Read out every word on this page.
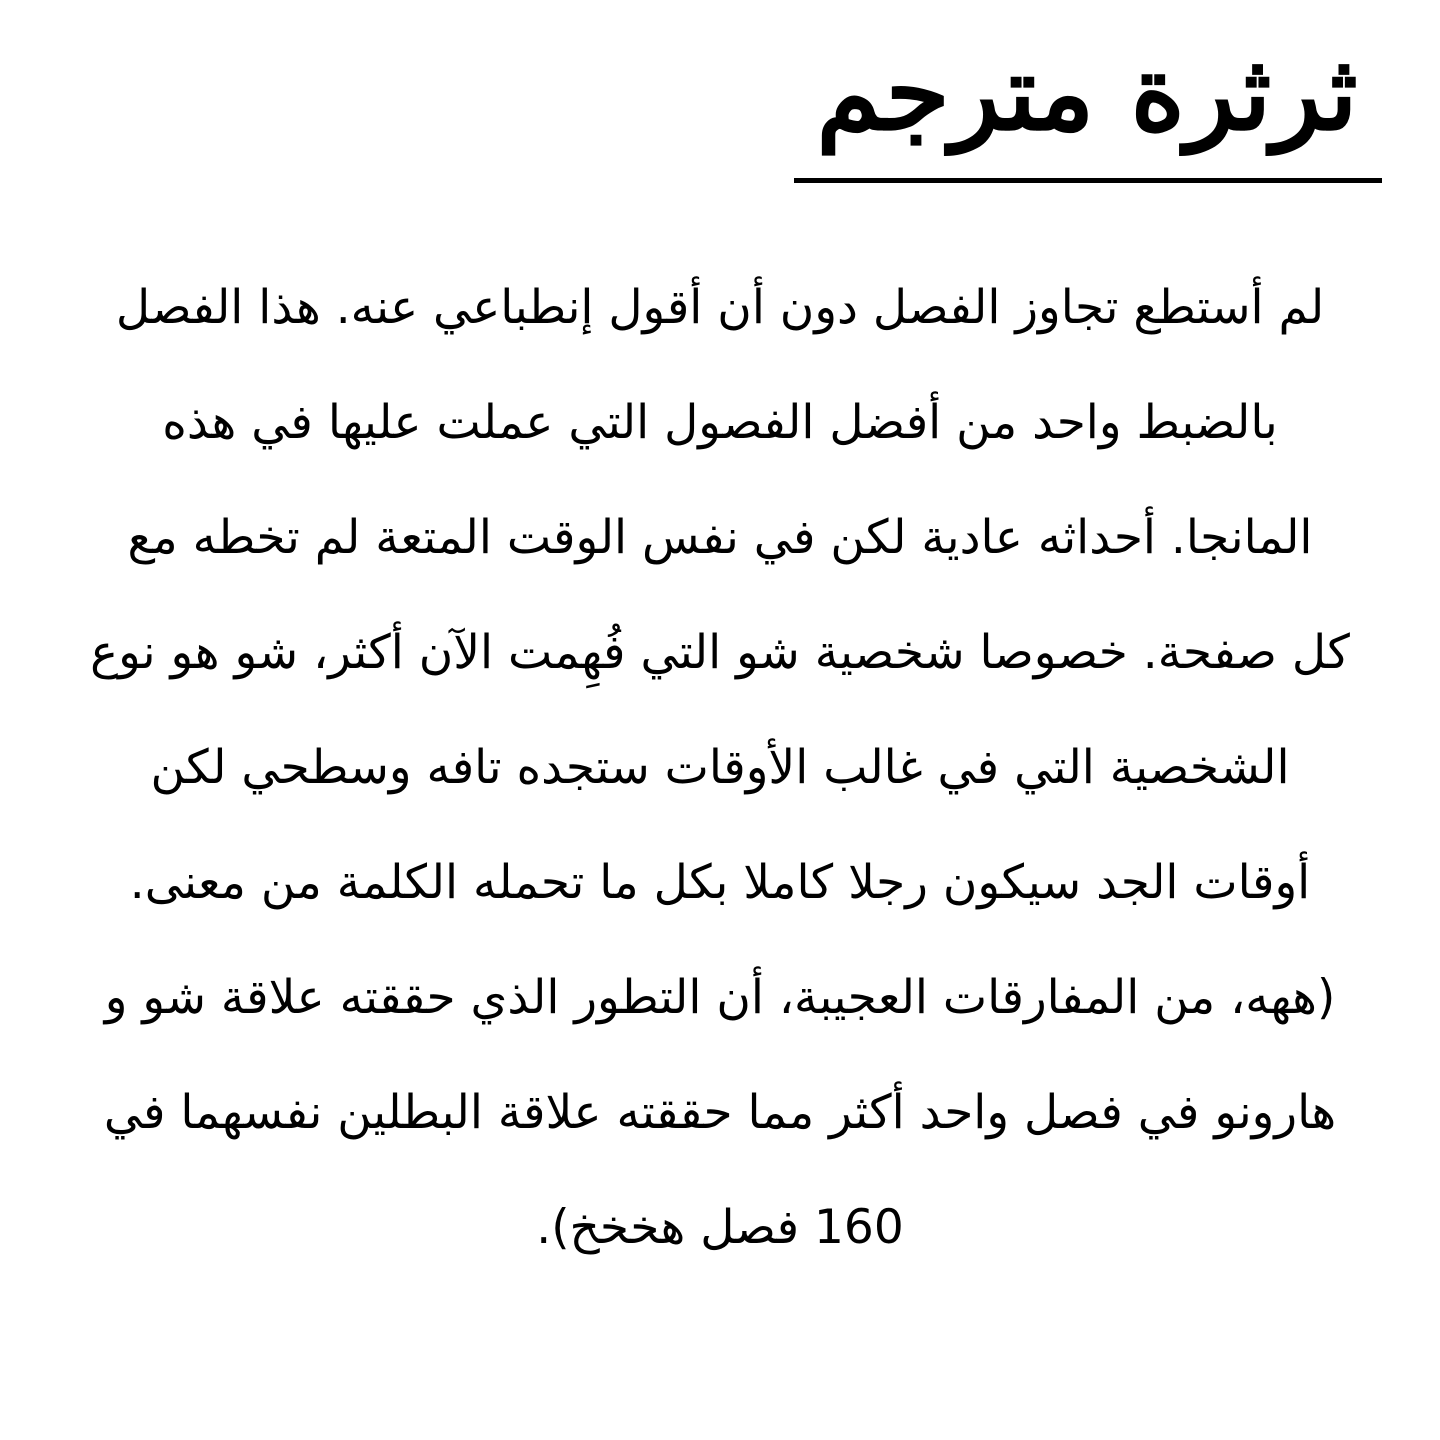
ثرثرة مترجم
لم أستطع تجاوز الفصل دون أن أقول إنطباعي عنه. هذا الفصل
بالضبط واحد من أفضل الفصول التي عملت عليها في هذه
المانجا. أحداثه عادية لكن في نفس الوقت المتعة لم تخطه مع
كل صفحة. خصوصا شخصية شو التي فُهِمت الآن أكثر، شو هو نوع
الشخصية التي في غالب الأوقات ستجده تافه وسطحي لكن
أوقات الجد سيكون رجلا كاملا بكل ما تحمله الكلمة من معنى.
(ههه، من المفارقات العجيبة، أن التطور الذي حققته علاقة شو و
هارونو في فصل واحد أكثر مما حققته علاقة البطلين نفسهما في
160 فصل هخخخ).
